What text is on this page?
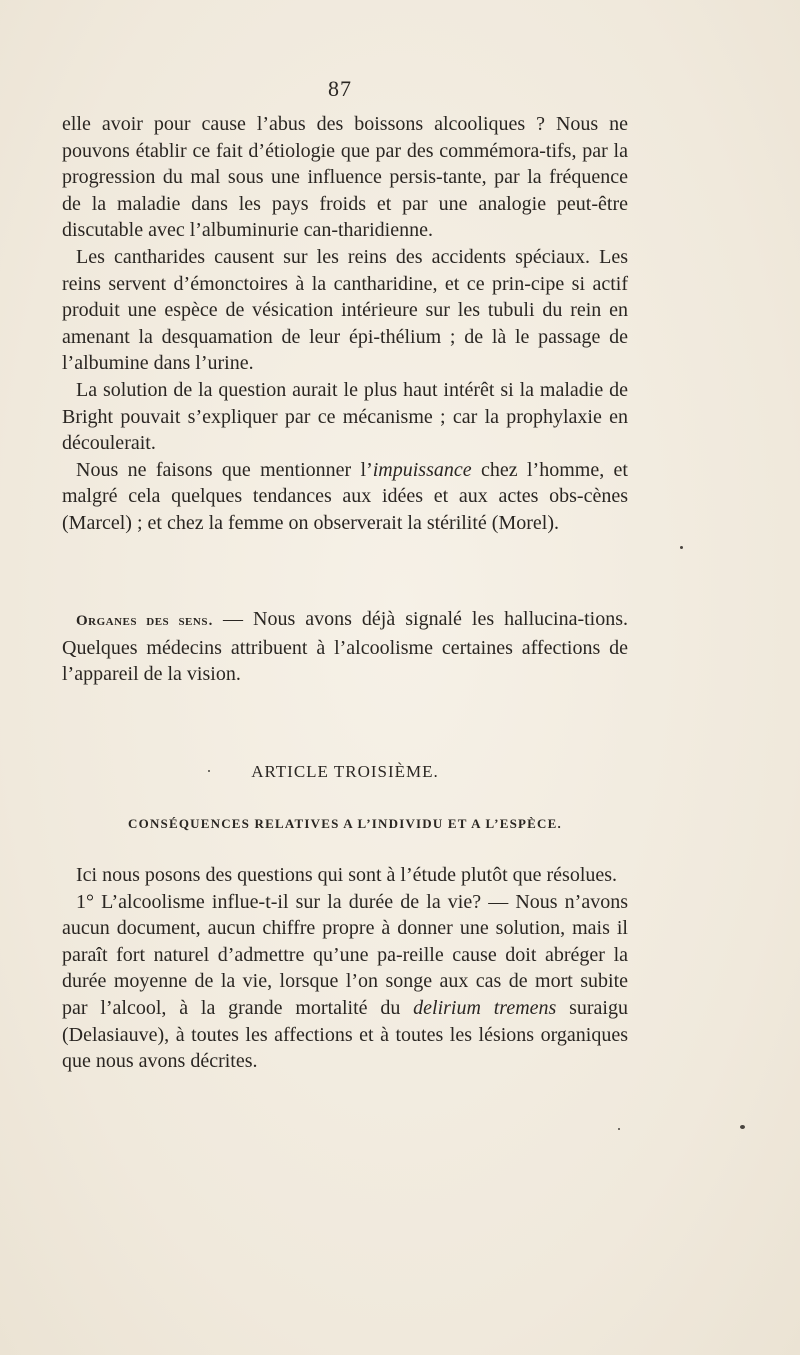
87

elle avoir pour cause l’abus des boissons alcooliques ? Nous ne pouvons établir ce fait d’étiologie que par des commémora-tifs, par la progression du mal sous une influence persis-tante, par la fréquence de la maladie dans les pays froids et par une analogie peut-être discutable avec l’albuminurie can-tharidienne.

Les cantharides causent sur les reins des accidents spéciaux. Les reins servent d’émonctoires à la cantharidine, et ce prin-cipe si actif produit une espèce de vésication intérieure sur les tubuli du rein en amenant la desquamation de leur épi-thélium ; de là le passage de l’albumine dans l’urine.

La solution de la question aurait le plus haut intérêt si la maladie de Bright pouvait s’expliquer par ce mécanisme ; car la prophylaxie en découlerait.

Nous ne faisons que mentionner l’impuissance chez l’homme, et malgré cela quelques tendances aux idées et aux actes obs-cènes (Marcel) ; et chez la femme on observerait la stérilité (Morel).

Organes des sens. — Nous avons déjà signalé les hallucina-tions. Quelques médecins attribuent à l’alcoolisme certaines affections de l’appareil de la vision.

ARTICLE TROISIÈME.
CONSÉQUENCES RELATIVES A L’INDIVIDU ET A L’ESPÈCE.

Ici nous posons des questions qui sont à l’étude plutôt que résolues.

1° L’alcoolisme influe-t-il sur la durée de la vie? — Nous n’avons aucun document, aucun chiffre propre à donner une solution, mais il paraît fort naturel d’admettre qu’une pa-reille cause doit abréger la durée moyenne de la vie, lorsque l’on songe aux cas de mort subite par l’alcool, à la grande mortalité du delirium tremens suraigu (Delasiauve), à toutes les affections et à toutes les lésions organiques que nous avons décrites.
